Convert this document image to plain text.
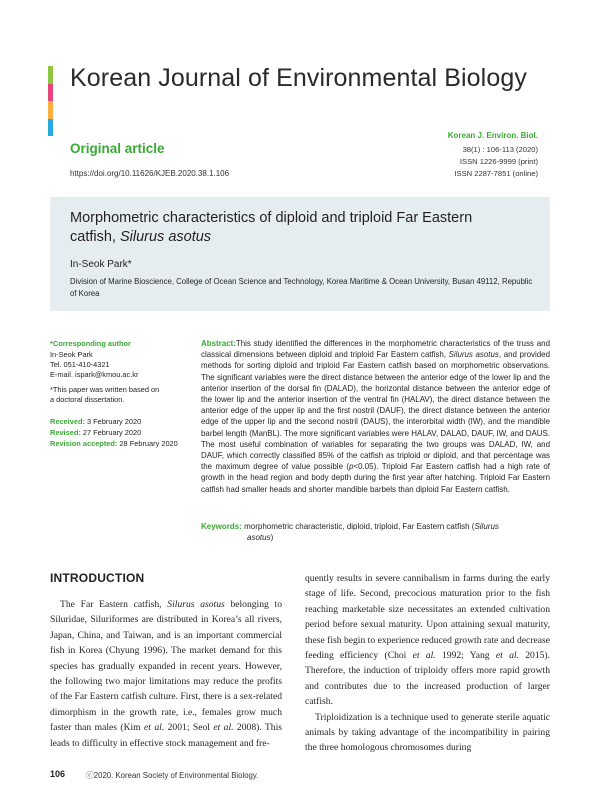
Korean Journal of Environmental Biology
Original article
https://doi.org/10.11626/KJEB.2020.38.1.106
Korean J. Environ. Biol.
38(1) : 106-113 (2020)
ISSN 1226-9999 (print)
ISSN 2287-7851 (online)
Morphometric characteristics of diploid and triploid Far Eastern
catfish, Silurus asotus
In-Seok Park*
Division of Marine Bioscience, College of Ocean Science and Technology, Korea Maritime & Ocean University, Busan 49112, Republic of Korea
*Corresponding author
In-Seok Park
Tel. 051-410-4321
E-mail. ispark@kmou.ac.kr
*This paper was written based on
a doctoral dissertation.
Received: 3 February 2020
Revised: 27 February 2020
Revision accepted: 28 February 2020
Abstract:This study identified the differences in the morphometric characteristics of the truss and classical dimensions between diploid and triploid Far Eastern catfish, Silurus asotus, and provided methods for sorting diploid and triploid Far Eastern catfish based on morphometric observations. The significant variables were the direct distance between the anterior edge of the lower lip and the anterior insertion of the dorsal fin (DALAD), the horizontal distance between the anterior edge of the lower lip and the anterior insertion of the ventral fin (HALAV), the direct distance between the anterior edge of the upper lip and the first nostril (DAUF), the direct distance between the anterior edge of the upper lip and the second nostril (DAUS), the interorbital width (IW), and the mandible barbel length (ManBL). The more significant variables were HALAV, DALAD, DAUF, IW, and DAUS. The most useful combination of variables for separating the two groups was DALAD, IW, and DAUF, which correctly classified 85% of the catfish as triploid or diploid, and that percentage was the maximum degree of value possible (p<0.05). Triploid Far Eastern catfish had a high rate of growth in the head region and body depth during the first year after hatching. Triploid Far Eastern catfish had smaller heads and shorter mandible barbels than diploid Far Eastern catfish.
Keywords: morphometric characteristic, diploid, triploid, Far Eastern catfish (Silurus
asotus)
INTRODUCTION

The Far Eastern catfish, Silurus asotus belonging to Siluridae, Siluriformes are distributed in Korea’s all rivers, Japan, China, and Taiwan, and is an important commercial fish in Korea (Chyung 1996). The market demand for this species has gradually expanded in recent years. However, the following two major limitations may reduce the profits of the Far Eastern catfish culture. First, there is a sex-related dimorphism in the growth rate, i.e., females grow much faster than males (Kim et al. 2001; Seol et al. 2008). This leads to difficulty in effective stock management and fre-

quently results in severe cannibalism in farms during the early stage of life. Second, precocious maturation prior to the fish reaching marketable size necessitates an extended cultivation period before sexual maturity. Upon attaining sexual maturity, these fish begin to experience reduced growth rate and decrease feeding efficiency (Choi et al. 1992; Yang et al. 2015). Therefore, the induction of triploidy offers more rapid growth and contributes due to the increased production of larger catfish.

Triploidization is a technique used to generate sterile aquatic animals by taking advantage of the incompatibility in pairing the three homologous chromosomes during

106	ⓒ2020. Korean Society of Environmental Biology.
